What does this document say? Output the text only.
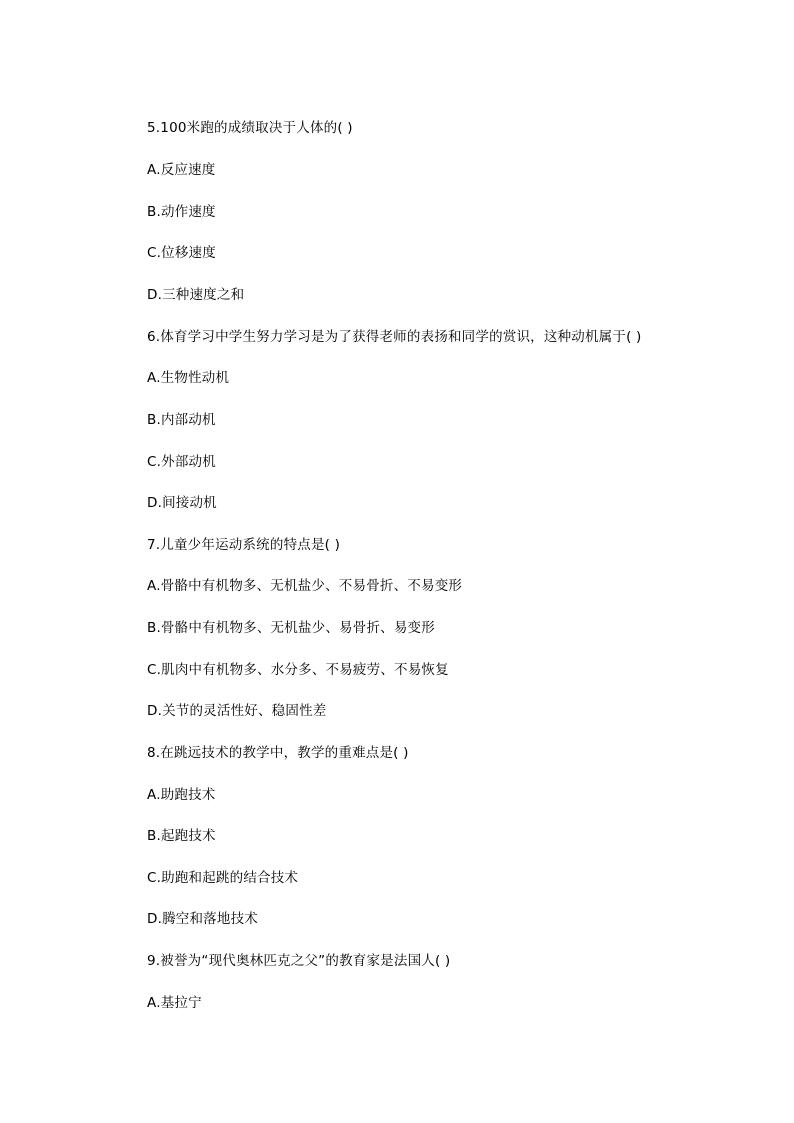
5.100米跑的成绩取决于人体的( )
A.反应速度
B.动作速度
C.位移速度
D.三种速度之和
6.体育学习中学生努力学习是为了获得老师的表扬和同学的赏识，这种动机属于( )
A.生物性动机
B.内部动机
C.外部动机
D.间接动机
7.儿童少年运动系统的特点是( )
A.骨骼中有机物多、无机盐少、不易骨折、不易变形
B.骨骼中有机物多、无机盐少、易骨折、易变形
C.肌肉中有机物多、水分多、不易疲劳、不易恢复
D.关节的灵活性好、稳固性差
8.在跳远技术的教学中，教学的重难点是( )
A.助跑技术
B.起跑技术
C.助跑和起跳的结合技术
D.腾空和落地技术
9.被誉为“现代奥林匹克之父”的教育家是法国人( )
A.基拉宁
